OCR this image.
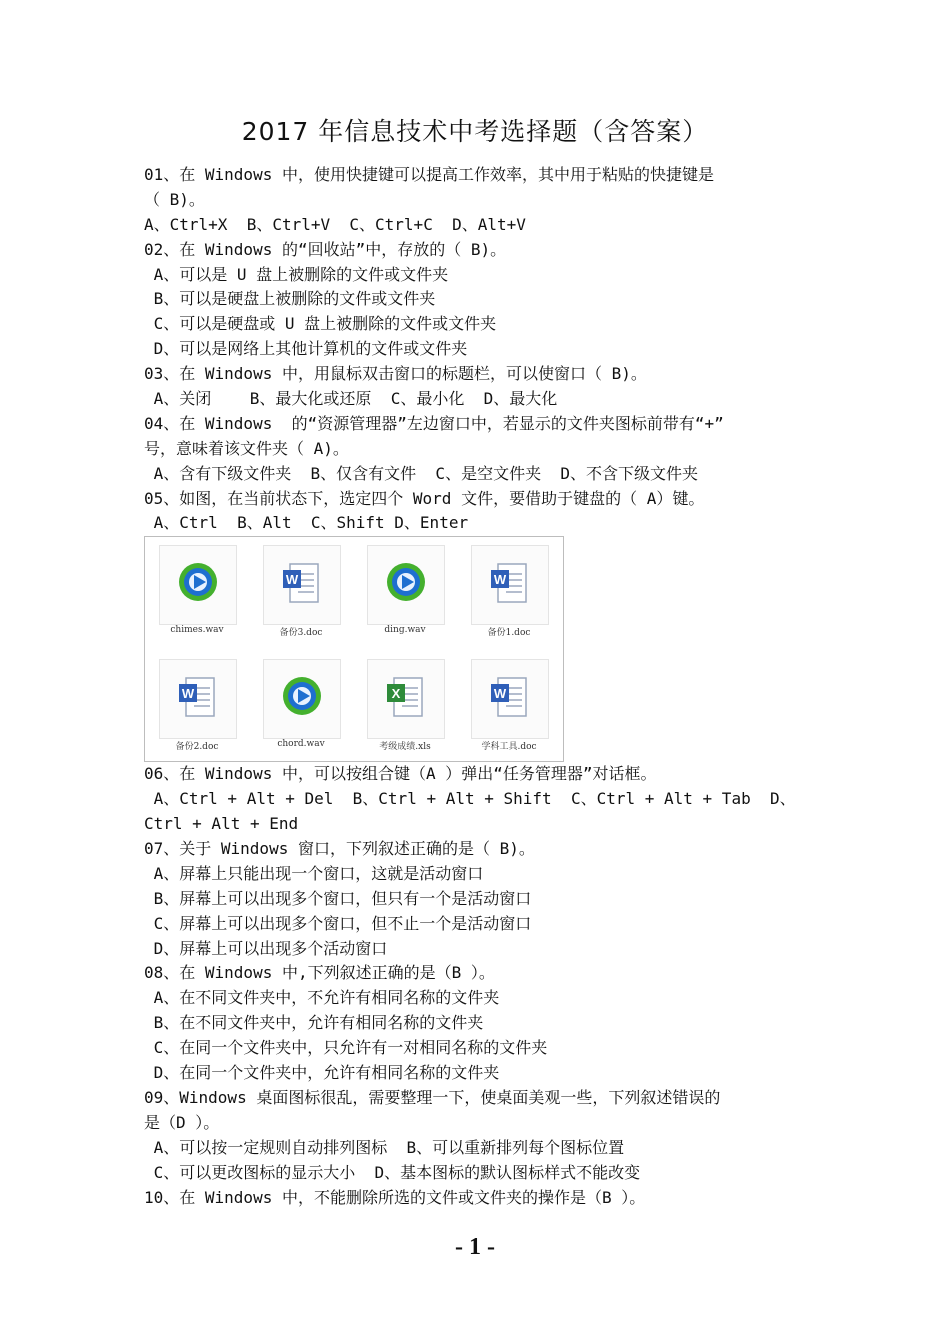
2017 年信息技术中考选择题（含答案）
01、在 Windows 中，使用快捷键可以提高工作效率，其中用于粘贴的快捷键是
（ B)。
A、Ctrl+X  B、Ctrl+V  C、Ctrl+C  D、Alt+V
02、在 Windows 的“回收站”中，存放的（ B)。
A、可以是 U 盘上被删除的文件或文件夹
B、可以是硬盘上被删除的文件或文件夹
C、可以是硬盘或 U 盘上被删除的文件或文件夹
D、可以是网络上其他计算机的文件或文件夹
03、在 Windows 中，用鼠标双击窗口的标题栏，可以使窗口（ B)。
A、关闭    B、最大化或还原  C、最小化  D、最大化
04、在 Windows  的“资源管理器”左边窗口中，若显示的文件夹图标前带有“+”
号，意味着该文件夹（ A)。
A、含有下级文件夹  B、仅含有文件  C、是空文件夹  D、不含下级文件夹
05、如图，在当前状态下，选定四个 Word 文件，要借助于键盘的（ A）键。
A、Ctrl  B、Alt  C、Shift D、Enter
chimes.wav
W
备份3.doc	ding.wav
W
备份1.doc
W
备份2.doc	chord.wav
X
考级成绩.xls
W
学科工具.doc
06、在 Windows 中，可以按组合键（A ）弹出“任务管理器”对话框。
A、Ctrl + Alt + Del  B、Ctrl + Alt + Shift  C、Ctrl + Alt + Tab  D、
Ctrl + Alt + End
07、关于 Windows 窗口，下列叙述正确的是（ B)。
A、屏幕上只能出现一个窗口，这就是活动窗口
B、屏幕上可以出现多个窗口，但只有一个是活动窗口
C、屏幕上可以出现多个窗口，但不止一个是活动窗口
D、屏幕上可以出现多个活动窗口
08、在 Windows 中,下列叙述正确的是（B ）。
A、在不同文件夹中，不允许有相同名称的文件夹
B、在不同文件夹中，允许有相同名称的文件夹
C、在同一个文件夹中，只允许有一对相同名称的文件夹
D、在同一个文件夹中，允许有相同名称的文件夹
09、Windows 桌面图标很乱，需要整理一下，使桌面美观一些，下列叙述错误的
是（D ）。
A、可以按一定规则自动排列图标  B、可以重新排列每个图标位置
C、可以更改图标的显示大小  D、基本图标的默认图标样式不能改变
10、在 Windows 中，不能删除所选的文件或文件夹的操作是（B ）。
- 1 -
